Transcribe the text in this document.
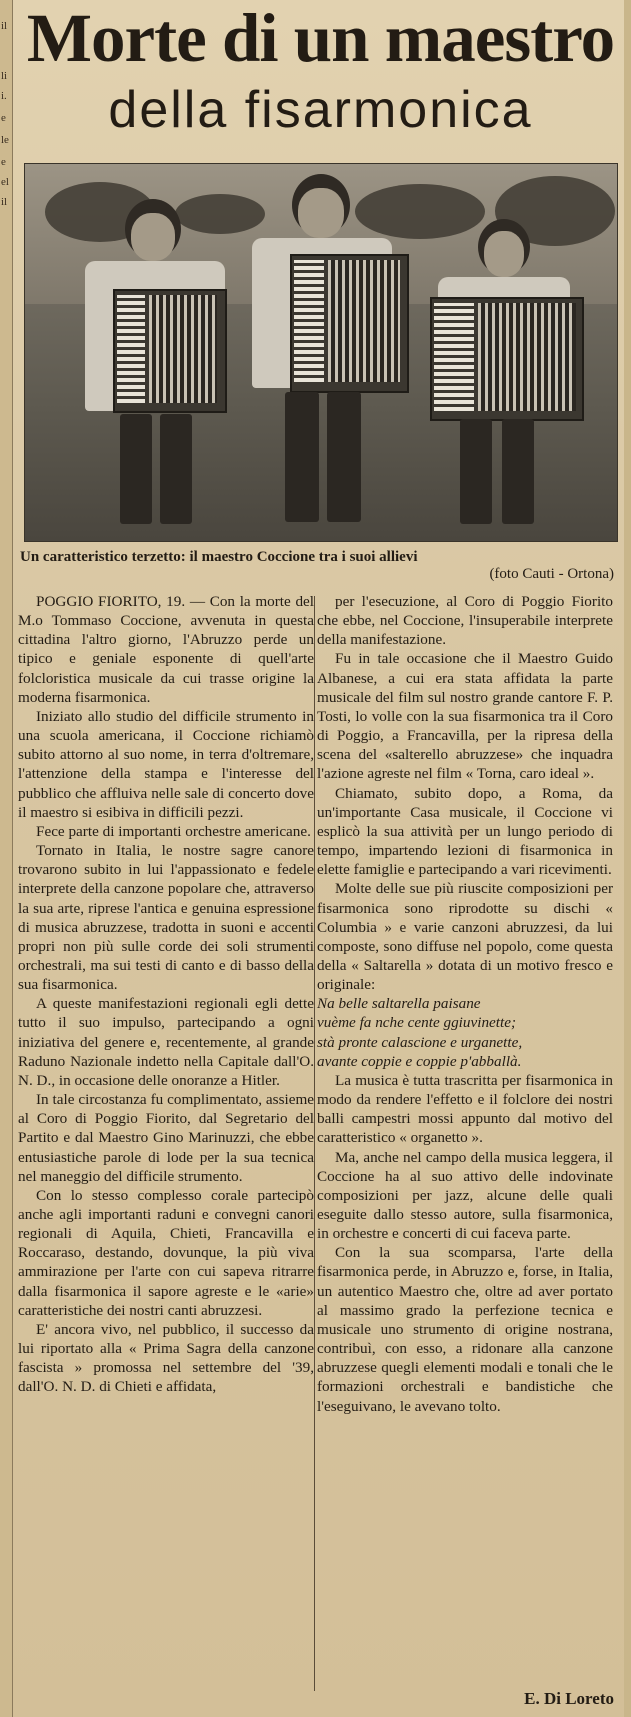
il
li
i.
e
le
e
el
il
Morte di un maestro
della fisarmonica
Un caratteristico terzetto: il maestro Coccione tra i suoi allievi
(foto Cauti - Ortona)

POGGIO FIORITO, 19. — Con la morte del M.o Tommaso Coccione, avvenuta in questa cittadina l'altro giorno, l'Abruzzo perde un tipico e geniale esponente di quell'arte folcloristica musicale da cui trasse origine la moderna fisarmonica.

Iniziato allo studio del difficile strumento in una scuola americana, il Coccione richiamò subito attorno al suo nome, in terra d'oltremare, l'attenzione della stampa e l'interesse del pubblico che affluiva nelle sale di concerto dove il maestro si esibiva in difficili pezzi.

Fece parte di importanti orchestre americane.

Tornato in Italia, le nostre sagre canore trovarono subito in lui l'appassionato e fedele interprete della canzone popolare che, attraverso la sua arte, riprese l'antica e genuina espressione di musica abruzzese, tradotta in suoni e accenti propri non più sulle corde dei soli strumenti orchestrali, ma sui testi di canto e di basso della sua fisarmonica.

A queste manifestazioni regionali egli dette tutto il suo impulso, partecipando a ogni iniziativa del genere e, recentemente, al grande Raduno Nazionale indetto nella Capitale dall'O. N. D., in occasione delle onoranze a Hitler.

In tale circostanza fu complimentato, assieme al Coro di Poggio Fiorito, dal Segretario del Partito e dal Maestro Gino Marinuzzi, che ebbe entusiastiche parole di lode per la sua tecnica nel maneggio del difficile strumento.

Con lo stesso complesso corale partecipò anche agli importanti raduni e convegni canori regionali di Aquila, Chieti, Francavilla e Roccaraso, destando, dovunque, la più viva ammirazione per l'arte con cui sapeva ritrarre dalla fisarmonica il sapore agreste e le «arie» caratteristiche dei nostri canti abruzzesi.

E' ancora vivo, nel pubblico, il successo da lui riportato alla « Prima Sagra della canzone fascista » promossa nel settembre del '39, dall'O. N. D. di Chieti e affidata,

per l'esecuzione, al Coro di Poggio Fiorito che ebbe, nel Coccione, l'insuperabile interprete della manifestazione.

Fu in tale occasione che il Maestro Guido Albanese, a cui era stata affidata la parte musicale del film sul nostro grande cantore F. P. Tosti, lo volle con la sua fisarmonica tra il Coro di Poggio, a Francavilla, per la ripresa della scena del «salterello abruzzese» che inquadra l'azione agreste nel film « Torna, caro ideal ».

Chiamato, subito dopo, a Roma, da un'importante Casa musicale, il Coccione vi esplicò la sua attività per un lungo periodo di tempo, impartendo lezioni di fisarmonica in elette famiglie e partecipando a vari ricevimenti.

Molte delle sue più riuscite composizioni per fisarmonica sono riprodotte su dischi « Columbia » e varie canzoni abruzzesi, da lui composte, sono diffuse nel popolo, come questa della « Saltarella » dotata di un motivo fresco e originale:

Na belle saltarella paisane

vuème fa nche cente ggiuvinette;

stà pronte calascione e urganette,

avante coppie e coppie p'abballà.

La musica è tutta trascritta per fisarmonica in modo da rendere l'effetto e il folclore dei nostri balli campestri mossi appunto dal motivo del caratteristico « organetto ».

Ma, anche nel campo della musica leggera, il Coccione ha al suo attivo delle indovinate composizioni per jazz, alcune delle quali eseguite dallo stesso autore, sulla fisarmonica, in orchestre e concerti di cui faceva parte.

Con la sua scomparsa, l'arte della fisarmonica perde, in Abruzzo e, forse, in Italia, un autentico Maestro che, oltre ad aver portato al massimo grado la perfezione tecnica e musicale uno strumento di origine nostrana, contribuì, con esso, a ridonare alla canzone abruzzese quegli elementi modali e tonali che le formazioni orchestrali e bandistiche che l'eseguivano, le avevano tolto.

E. Di Loreto
